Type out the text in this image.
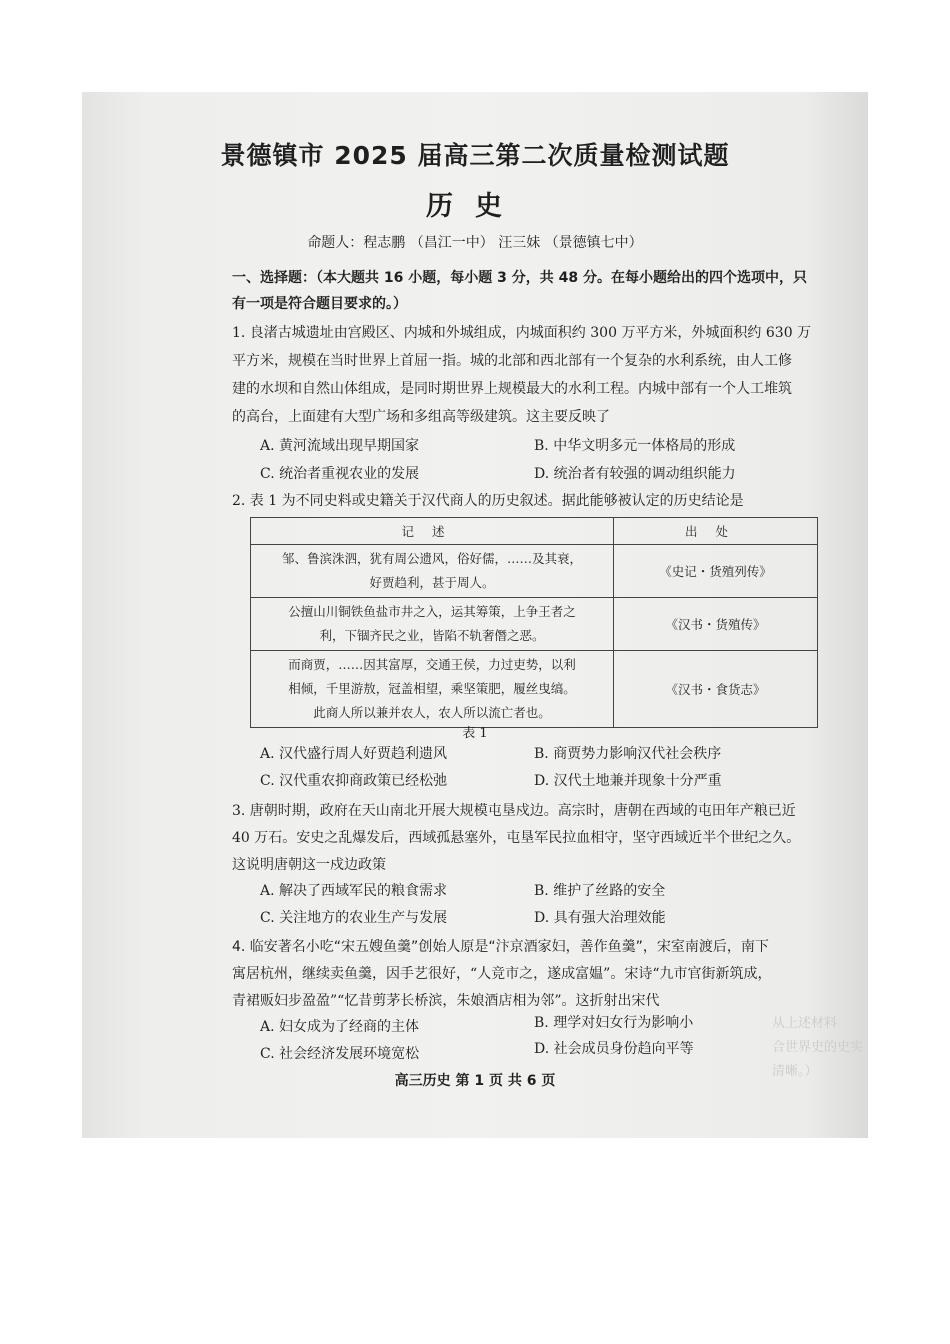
从上述材料
合世界史的史实
清晰。）
景德镇市 2025 届高三第二次质量检测试题
历史
命题人：程志鹏 （昌江一中） 汪三妹 （景德镇七中）
一、选择题：（本大题共 16 小题，每小题 3 分，共 48 分。在每小题给出的四个选项中，只
有一项是符合题目要求的。）
1. 良渚古城遗址由宫殿区、内城和外城组成，内城面积约 300 万平方米，外城面积约 630 万
平方米，规模在当时世界上首屈一指。城的北部和西北部有一个复杂的水利系统，由人工修
建的水坝和自然山体组成，是同时期世界上规模最大的水利工程。内城中部有一个人工堆筑
的高台，上面建有大型广场和多组高等级建筑。这主要反映了
A. 黄河流域出现早期国家	B. 中华文明多元一体格局的形成
C. 统治者重视农业的发展	D. 统治者有较强的调动组织能力
2. 表 1 为不同史料或史籍关于汉代商人的历史叙述。据此能够被认定的历史结论是
记述	出处

邹、鲁滨洙泗，犹有周公遗风，俗好儒，……及其衰，
好贾趋利，甚于周人。	《史记・货殖列传》

公擅山川铜铁鱼盐市井之入，运其筹策，上争王者之
利，下锢齐民之业，皆陷不轨奢僭之恶。	《汉书・货殖传》

而商贾，……因其富厚，交通王侯，力过吏势，以利
相倾，千里游敖，冠盖相望，乘坚策肥，履丝曳缟。
此商人所以兼并农人，农人所以流亡者也。	《汉书・食货志》
表 1
A. 汉代盛行周人好贾趋利遗风	B. 商贾势力影响汉代社会秩序
C. 汉代重农抑商政策已经松弛	D. 汉代土地兼并现象十分严重
3. 唐朝时期，政府在天山南北开展大规模屯垦戍边。高宗时，唐朝在西域的屯田年产粮已近
40 万石。安史之乱爆发后，西域孤悬塞外，屯垦军民拉血相守，坚守西域近半个世纪之久。
这说明唐朝这一戍边政策
A. 解决了西域军民的粮食需求	B. 维护了丝路的安全
C. 关注地方的农业生产与发展	D. 具有强大治理效能
4. 临安著名小吃“宋五嫂鱼羹”创始人原是“汴京酒家妇，善作鱼羹”，宋室南渡后，南下
寓居杭州，继续卖鱼羹，因手艺很好，“人竞市之，遂成富媪”。宋诗“九市官街新筑成，
青裙贩妇步盈盈”“忆昔剪茅长桥滨，朱娘酒店相为邻”。这折射出宋代
A. 妇女成为了经商的主体	B. 理学对妇女行为影响小
C. 社会经济发展环境宽松	D. 社会成员身份趋向平等
高三历史 第 1 页 共 6 页
